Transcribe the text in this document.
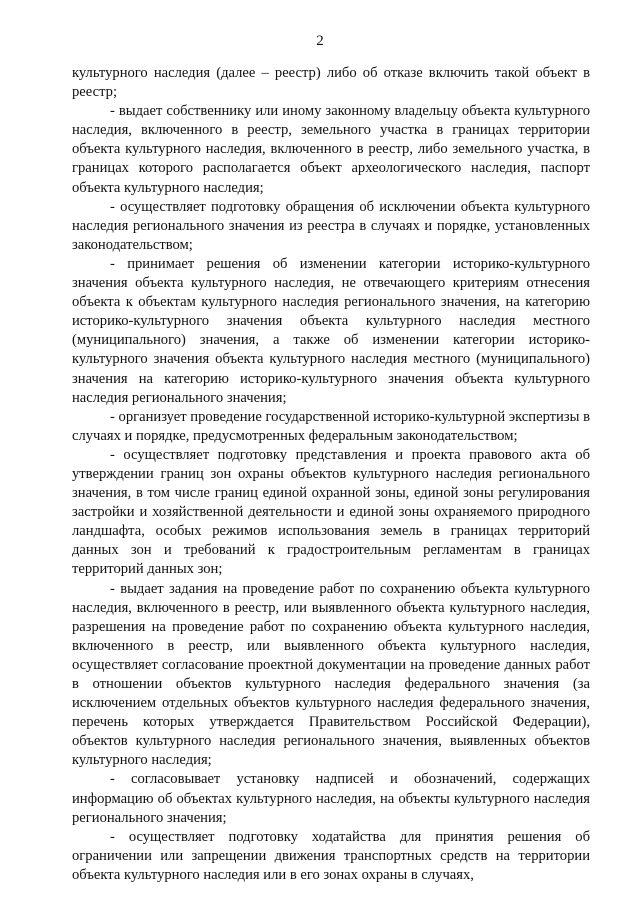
2

культурного наследия (далее – реестр) либо об отказе включить такой объект в реестр;

- выдает собственнику или иному законному владельцу объекта культурного наследия, включенного в реестр, земельного участка в границах территории объекта культурного наследия, включенного в реестр, либо земельного участка, в границах которого располагается объект археологического наследия, паспорт объекта культурного наследия;

- осуществляет подготовку обращения об исключении объекта культурного наследия регионального значения из реестра в случаях и порядке, установленных законодательством;

- принимает решения об изменении категории историко-культурного значения объекта культурного наследия, не отвечающего критериям отнесения объекта к объектам культурного наследия регионального значения, на категорию историко-культурного значения объекта культурного наследия местного (муниципального) значения, а также об изменении категории историко-культурного значения объекта культурного наследия местного (муниципального) значения на категорию историко-культурного значения объекта культурного наследия регионального значения;

- организует проведение государственной историко-культурной экспертизы в случаях и порядке, предусмотренных федеральным законодательством;

- осуществляет подготовку представления и проекта правового акта об утверждении границ зон охраны объектов культурного наследия регионального значения, в том числе границ единой охранной зоны, единой зоны регулирования застройки и хозяйственной деятельности и единой зоны охраняемого природного ландшафта, особых режимов использования земель в границах территорий данных зон и требований к градостроительным регламентам в границах территорий данных зон;

- выдает задания на проведение работ по сохранению объекта культурного наследия, включенного в реестр, или выявленного объекта культурного наследия, разрешения на проведение работ по сохранению объекта культурного наследия, включенного в реестр, или выявленного объекта культурного наследия, осуществляет согласование проектной документации на проведение данных работ в отношении объектов культурного наследия федерального значения (за исключением отдельных объектов культурного наследия федерального значения, перечень которых утверждается Правительством Российской Федерации), объектов культурного наследия регионального значения, выявленных объектов культурного наследия;

- согласовывает установку надписей и обозначений, содержащих информацию об объектах культурного наследия, на объекты культурного наследия регионального значения;

- осуществляет подготовку ходатайства для принятия решения об ограничении или запрещении движения транспортных средств на территории объекта культурного наследия или в его зонах охраны в случаях,
